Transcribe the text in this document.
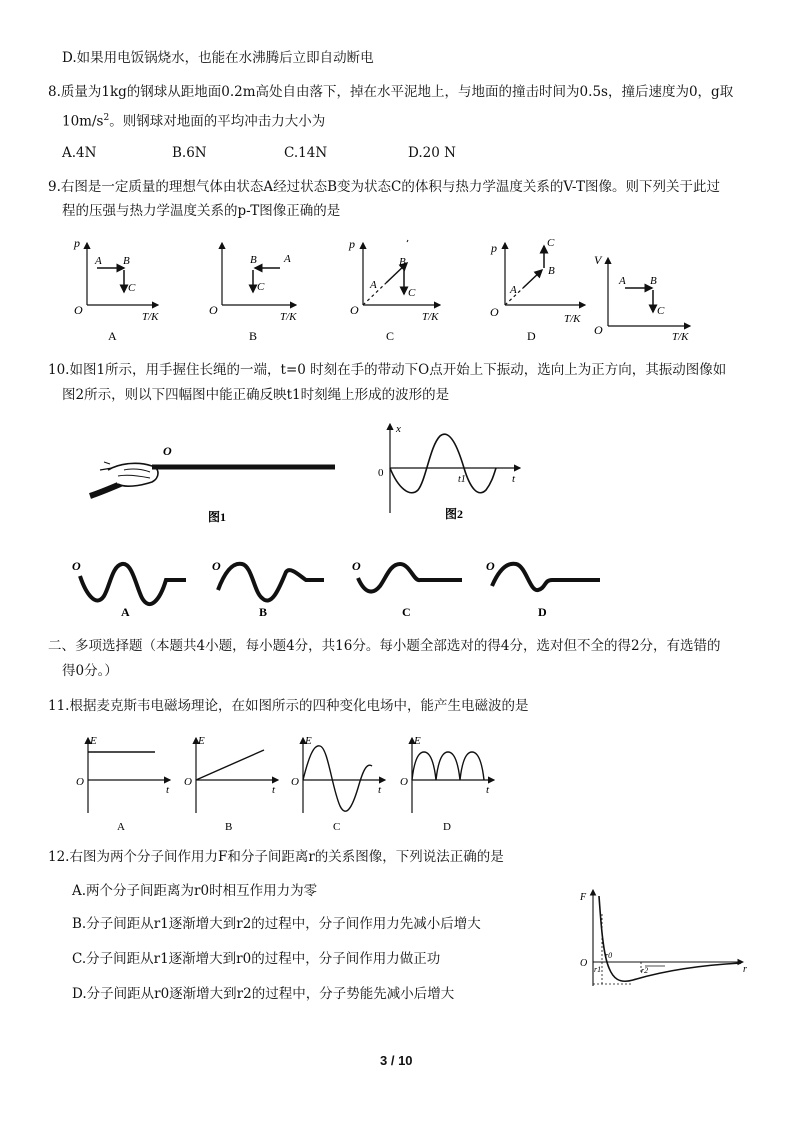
D.如果用电饭锅烧水，也能在水沸腾后立即自动断电
8.质量为1kg的钢球从距地面0.2m高处自由落下，掉在水平泥地上，与地面的撞击时间为0.5s，撞后速度为0，g取
$10m/s^2$。则钢球对地面的平均冲击力大小为
A.4N	B.6N	C.14N	D.20 N
9.右图是一定质量的理想气体由状态A经过状态B变为状态C的体积与热力学温度关系的V-T图像。则下列关于此过
程的压强与热力学温度关系的p-T图像正确的是
p
O	T/K
A B
C
A
B A
C
O	T/K
B
A
B
C
p
O	T/K
C
A
B
C
p
O	T/K
D
V
O	T/K
A B
C
10.如图1所示，用手握住长绳的一端，t=0 时刻在手的带动下O点开始上下振动，选向上为正方向，其振动图像如
图2所示，则以下四幅图中能正确反映t1时刻绳上形成的波形的是
O
图1
x
0
t1	t
图2
O
A
O
B
O
C
O
D
二、多项选择题（本题共4小题，每小题4分，共16分。每小题全部选对的得4分，选对但不全的得2分，有选错的
得0分。）
11.根据麦克斯韦电磁场理论，在如图所示的四种变化电场中，能产生电磁波的是
E
O
t
A
E
O
t
B
E
O
t
C
E
O
t
D
12.右图为两个分子间作用力F和分子间距离r的关系图像，下列说法正确的是
A.两个分子间距离为r0时相互作用力为零
B.分子间距从r1逐渐增大到r2的过程中，分子间作用力先减小后增大
C.分子间距从r1逐渐增大到r0的过程中，分子间作用力做正功
D.分子间距从r0逐渐增大到r2的过程中，分子势能先减小后增大
F
O
r
r0
r1	r2
3 / 10
